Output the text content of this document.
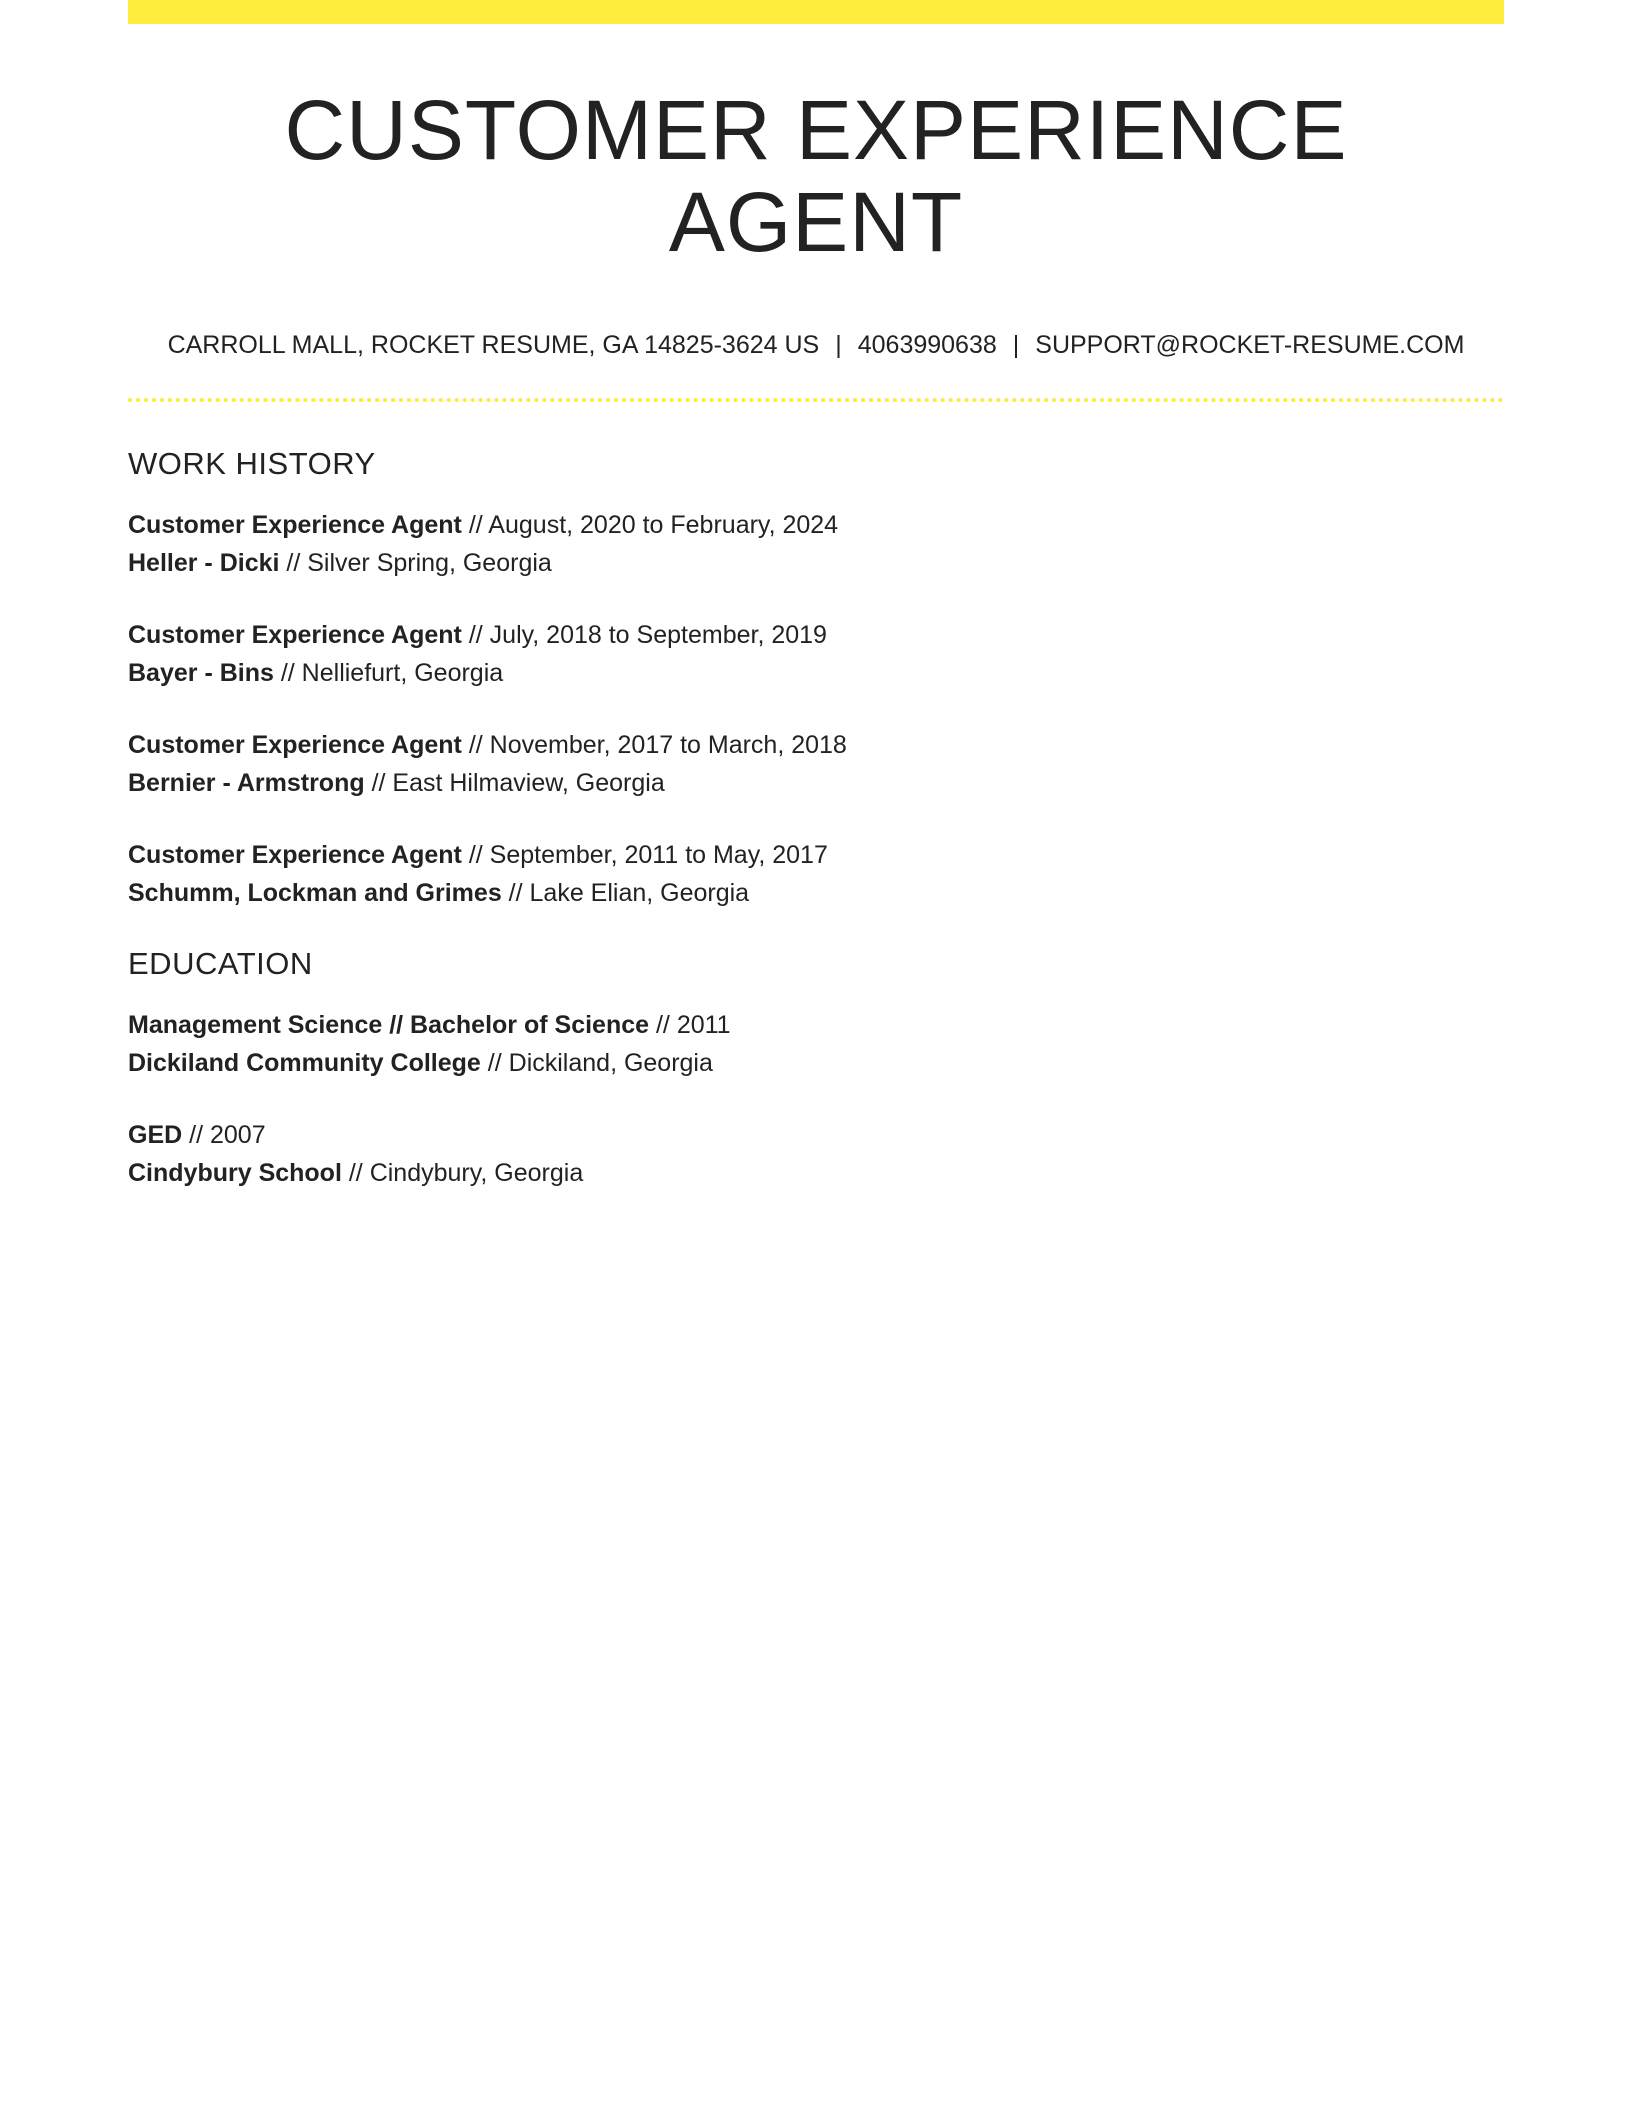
CUSTOMER EXPERIENCE AGENT
CARROLL MALL, ROCKET RESUME, GA 14825-3624 US | 4063990638 | SUPPORT@ROCKET-RESUME.COM
WORK HISTORY
Customer Experience Agent // August, 2020 to February, 2024
Heller - Dicki // Silver Spring, Georgia
Customer Experience Agent // July, 2018 to September, 2019
Bayer - Bins // Nelliefurt, Georgia
Customer Experience Agent // November, 2017 to March, 2018
Bernier - Armstrong // East Hilmaview, Georgia
Customer Experience Agent // September, 2011 to May, 2017
Schumm, Lockman and Grimes // Lake Elian, Georgia
EDUCATION
Management Science // Bachelor of Science // 2011
Dickiland Community College // Dickiland, Georgia
GED // 2007
Cindybury School // Cindybury, Georgia
